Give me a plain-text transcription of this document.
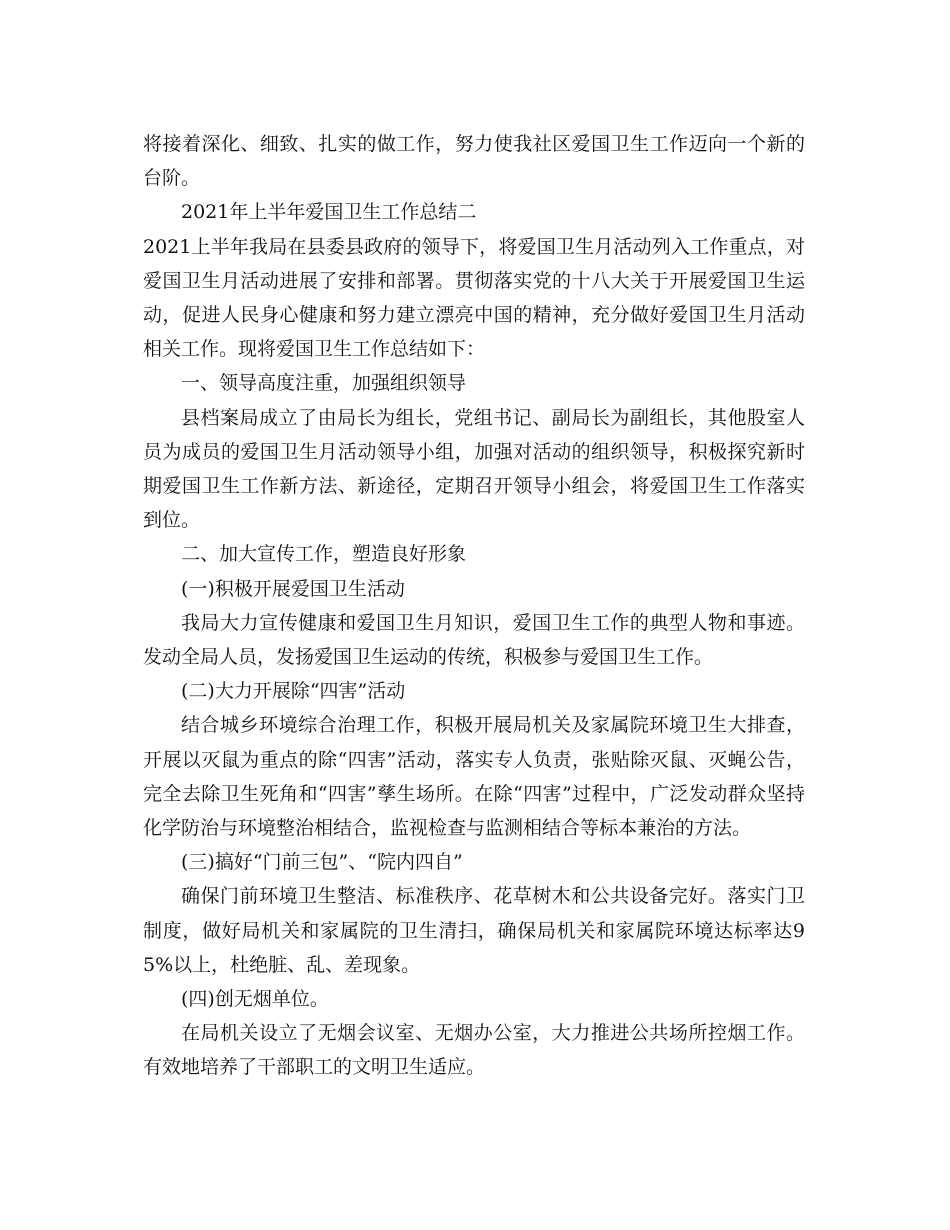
将接着深化、细致、扎实的做工作，努力使我社区爱国卫生工作迈向一个新的台阶。

2021年上半年爱国卫生工作总结二

2021上半年我局在县委县政府的领导下，将爱国卫生月活动列入工作重点，对爱国卫生月活动进展了安排和部署。贯彻落实党的十八大关于开展爱国卫生运动，促进人民身心健康和努力建立漂亮中国的精神，充分做好爱国卫生月活动相关工作。现将爱国卫生工作总结如下：

一、领导高度注重，加强组织领导

县档案局成立了由局长为组长，党组书记、副局长为副组长，其他股室人员为成员的爱国卫生月活动领导小组，加强对活动的组织领导，积极探究新时期爱国卫生工作新方法、新途径，定期召开领导小组会，将爱国卫生工作落实到位。

二、加大宣传工作，塑造良好形象

(一)积极开展爱国卫生活动

我局大力宣传健康和爱国卫生月知识，爱国卫生工作的典型人物和事迹。发动全局人员，发扬爱国卫生运动的传统，积极参与爱国卫生工作。

(二)大力开展除“四害”活动

结合城乡环境综合治理工作，积极开展局机关及家属院环境卫生大排查，开展以灭鼠为重点的除“四害”活动，落实专人负责，张贴除灭鼠、灭蝇公告，完全去除卫生死角和“四害”孳生场所。在除“四害”过程中，广泛发动群众坚持化学防治与环境整治相结合，监视检查与监测相结合等标本兼治的方法。

(三)搞好“门前三包”、“院内四自”

确保门前环境卫生整洁、标准秩序、花草树木和公共设备完好。落实门卫制度，做好局机关和家属院的卫生清扫，确保局机关和家属院环境达标率达95%以上，杜绝脏、乱、差现象。

(四)创无烟单位。

在局机关设立了无烟会议室、无烟办公室，大力推进公共场所控烟工作。有效地培养了干部职工的文明卫生适应。
